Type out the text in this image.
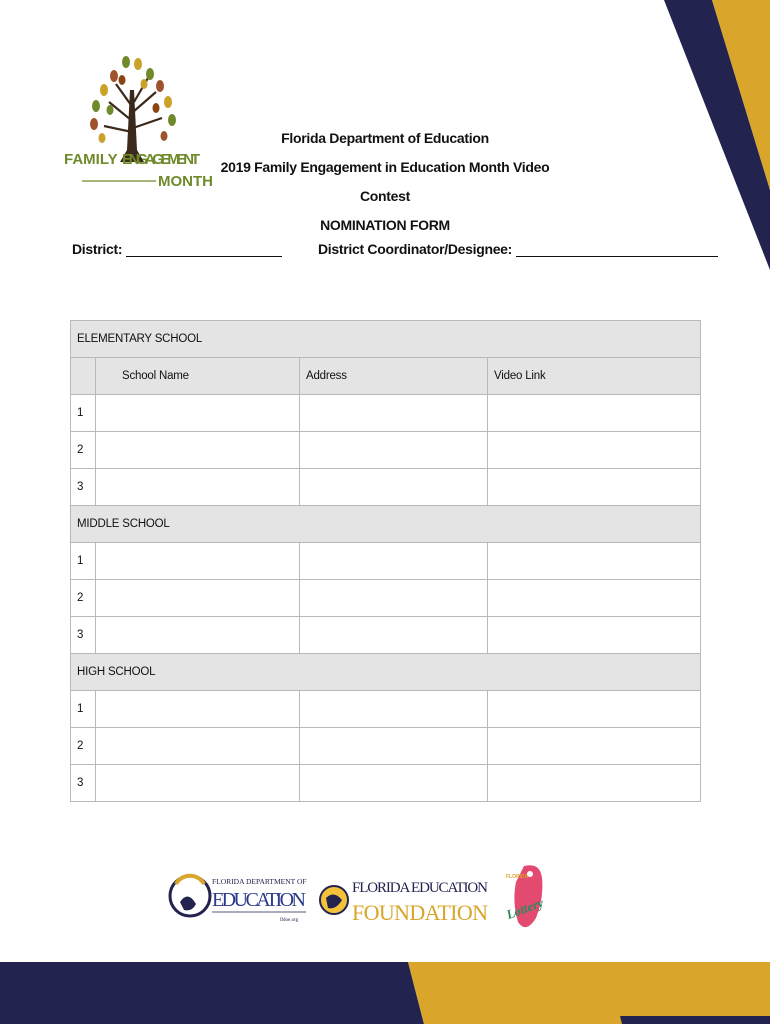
FAMILY ENGAGEMENT
MONTH
Florida Department of Education
2019 Family Engagement in Education Month Video Contest
NOMINATION FORM
District:	District Coordinator/Designee:
ELEMENTARY SCHOOL			
	School Name	Address	Video Link
1			
2			
3			
MIDDLE SCHOOL			
1			
2			
3			
HIGH SCHOOL			
1			
2			
3			
FLORIDA DEPARTMENT OF
EDUCATION
fldoe.org
FLORIDA EDUCATION
FOUNDATION
FLORIDA
Lottery
